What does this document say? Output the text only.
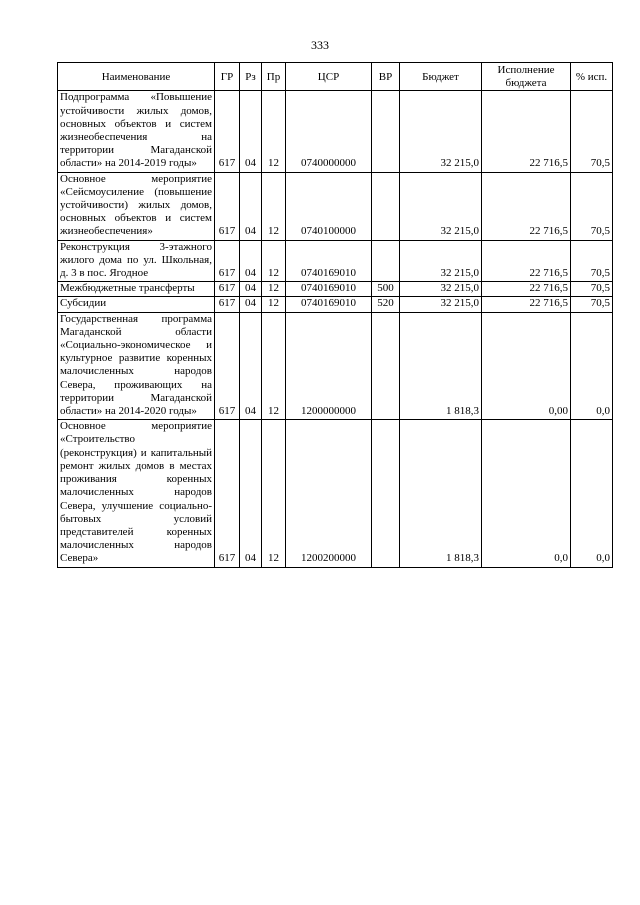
333
Наименование	ГР	Рз	Пр	ЦСР	ВР	Бюджет	Исполнение бюджета	% исп.
Подпрограмма «Повышение устойчивости жилых домов, основных объектов и систем жизнеобеспечения на территории Магаданской области» на 2014-2019 годы»	617	04	12	0740000000		32 215,0	22 716,5	70,5
Основное мероприятие «Сейсмоусиление (повышение устойчивости) жилых домов, основных объектов и систем жизнеобеспечения»	617	04	12	0740100000		32 215,0	22 716,5	70,5
Реконструкция 3-этажного жилого дома по ул. Школьная, д. 3 в пос. Ягодное	617	04	12	0740169010		32 215,0	22 716,5	70,5
Межбюджетные трансферты	617	04	12	0740169010	500	32 215,0	22 716,5	70,5
Субсидии	617	04	12	0740169010	520	32 215,0	22 716,5	70,5
Государственная программа Магаданской области «Социально-экономическое и культурное развитие коренных малочисленных народов Севера, проживающих на территории Магаданской области» на 2014-2020 годы»	617	04	12	1200000000		1 818,3	0,00	0,0
Основное мероприятие «Строительство (реконструкция) и капитальный ремонт жилых домов в местах проживания коренных малочисленных народов Севера, улучшение социально-бытовых условий представителей коренных малочисленных народов Севера»	617	04	12	1200200000		1 818,3	0,0	0,0
